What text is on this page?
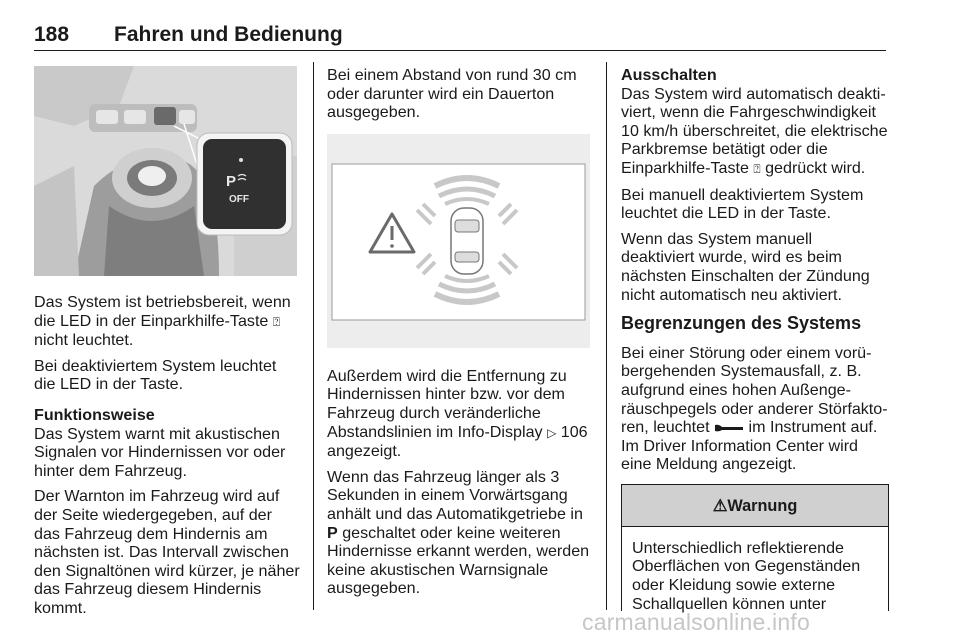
188 Fahren und Bedienung
P
OFF

Das System ist betriebsbereit, wenn die LED in der Einparkhilfe-Taste ⍰ nicht leuchtet.

Bei deaktiviertem System leuchtet die LED in der Taste.

Funktionsweise

Das System warnt mit akustischen Signalen vor Hindernissen vor oder hinter dem Fahrzeug.

Der Warnton im Fahrzeug wird auf der Seite wiedergegeben, auf der das Fahrzeug dem Hindernis am nächsten ist. Das Intervall zwischen den Signaltönen wird kürzer, je näher das Fahrzeug diesem Hindernis kommt.

Bei einem Abstand von rund 30 cm oder darunter wird ein Dauerton ausgegeben.

Außerdem wird die Entfernung zu Hindernissen hinter bzw. vor dem Fahrzeug durch veränderliche Abstandslinien im Info-Display ▷ 106 angezeigt.

Wenn das Fahrzeug länger als 3 Sekunden in einem Vorwärtsgang anhält und das Automatikgetriebe in P geschaltet oder keine weiteren Hindernisse erkannt werden, werden keine akustischen Warnsignale ausgegeben.

Ausschalten

Das System wird automatisch deaktiviert, wenn die Fahrgeschwindigkeit 10 km/h überschreitet, die elektrische Parkbremse betätigt oder die Einparkhilfe-Taste ⍰ gedrückt wird.

Bei manuell deaktiviertem System leuchtet die LED in der Taste.

Wenn das System manuell deaktiviert wurde, wird es beim nächsten Einschalten der Zündung nicht automatisch neu aktiviert.

Begrenzungen des Systems

Bei einer Störung oder einem vorübergehenden Systemausfall, z. B. aufgrund eines hohen Außengeräuschpegels oder anderer Störfaktoren, leuchtet im Instrument auf.

Im Driver Information Center wird eine Meldung angezeigt.

⚠Warnung
Unterschiedlich reflektierende Oberflächen von Gegenständen oder Kleidung sowie externe Schallquellen können unter
carmanualsonline.info
